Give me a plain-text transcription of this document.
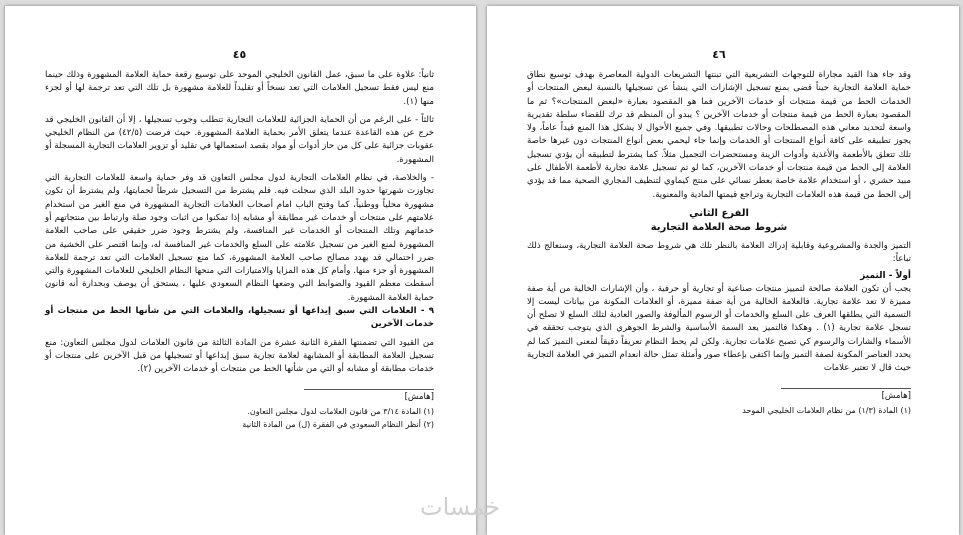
٤٥

ثانياً: علاوة على ما سبق، عمل القانون الخليجي الموحد على توسيع رقعة حماية العلامة المشهورة وذلك حينما منع ليس فقط تسجيل العلامات التي تعد نسخاً أو تقليداً للعلامة مشهورة بل تلك التي تعد ترجمة لها أو لجزء منها (١).

ثالثاً - على الرغم من أن الحماية الجزائية للعلامات التجارية تتطلب وجوب تسجيلها ، إلا أن القانون الخليجي قد خرج عن هذه القاعدة عندما يتعلق الأمر بحماية العلامة المشهورة. حيث فرضت (٤٢/٥) من النظام الخليجي عقوبات جزائية على كل من حاز أدوات أو مواد بقصد استعمالها في تقليد أو تزوير العلامات التجارية المسجلة أو المشهورة.

- والخلاصة، في نظام العلامات التجارية لدول مجلس التعاون قد وفر حماية واسعة للعلامات التجارية التي تجاوزت شهرتها حدود البلد الذي سجلت فيه. فلم يشترط من التسجيل شرطاً لحمايتها، ولم يشترط أن تكون مشهورة محلياً ووطنياً، كما وفتح الباب امام أصحاب العلامات التجارية المشهورة في منع الغير من استخدام علامتهم على منتجات أو خدمات غير مطابقة أو مشابه إذا تمكنوا من اثبات وجود صلة وارتباط بين منتجاتهم أو خدماتهم وتلك المنتجات أو الخدمات غير المنافسة، ولم يشترط وجود ضرر حقيقي على صاحب العلامة المشهورة لمنع الغير من تسجيل علامته على السلع والخدمات غير المنافسة له، وإنما اقتصر على الخشية من ضرر احتمالي قد يهدد مصالح صاحب العلامة المشهورة، كما منع تسجيل العلامات التي تعد ترجمة للعلامة المشهورة أو جزء منها. وأمام كل هذه المزايا والامتيازات التي منحها النظام الخليجي للعلامات المشهورة والتي أسقطت معظم القيود والضوابط التي وضعها النظام السعودي عليها ، يستحق أن يوصف وبجدارة أنه قانون حماية العلامة المشهورة.

٩ - العلامات التي سبق إيداعها أو تسجيلها، والعلامات التي من شأنها الحط من منتجات أو خدمات الآخرين

من القيود التي تضمنتها الفقرة الثانية عشرة من المادة الثالثة من قانون العلامات لدول مجلس التعاون: منع تسجيل العلامة المطابقة أو المشابهة لعلامة تجارية سبق إيداعها أو تسجيلها من قبل الآخرين على منتجات أو خدمات مطابقة أو مشابه أو التي من شأنها الحط من منتجات أو خدمات الآخرين (٢).

[هامش]

(١) المادة ٣/١٤ من قانون العلامات لدول مجلس التعاون.

(٢) أنظر النظام السعودي في الفقرة (ل) من المادة الثانية

٤٦

وقد جاء هذا القيد مجاراة للتوجهات التشريعية التي تبنتها التشريعات الدولية المعاصرة بهدف توسيع نطاق حماية العلامة التجارية حيناً قضى بمنع تسجيل الإشارات التي ينشأ عن تسجيلها بالنسبة لبعض المنتجات أو الخدمات الحط من قيمة منتجات أو خدمات الآخرين فما هو المقصود بعبارة «لبعض المنتجات»؟ ثم ما المقصود بعبارة الحط من قيمة منتجات أو خدمات الآخرين ؟ يبدو أن المنظم قد ترك للقضاء سلطة تقديرية واسعة لتحديد معاني هذه المصطلحات وحالات تطبيقها. وفي جميع الأحوال لا يشكل هذا المنع قيداً عاماً، ولا يجوز تطبيقه على كافة أنواع المنتجات أو الخدمات وإنما جاء ليحمي بعض أنواع المنتجات دون غيرها خاصة تلك تتعلق بالأطعمة والأغذية وأدوات الزينة ومستحضرات التجميل مثلاً. كما يشترط لتطبيقه أن يؤدي تسجيل العلامة إلى الحط من قيمة منتجات أو خدمات الآخرين، كما لو تم تسجيل علامة تجارية لأطعمة الأطفال على مبيد حشري ، أو استخدام علامة خاصة بعطر نسائي على منتج كيماوي لتنظيف المجاري الصحية مما قد يؤدي إلى الحط من قيمة هذه العلامات التجارية وتراجع قيمتها المادية والمعنوية.

الفرع الثاني

شروط صحة العلامة التجارية

التميز والجدة والمشروعية وقابلية إدراك العلامة بالنظر تلك هي شروط صحة العلامة التجارية، وسنعالج ذلك تباعاً:

أولاً - التميز

يجب أن تكون العلامة صالحة لتمييز منتجات صناعية أو تجارية أو حرفية ، وأن الإشارات الخالية من أية صفة مميزة لا تعد علامة تجارية. فالعلامة الخالية من أية صفة مميزة، أو العلامات المكونة من بيانات ليست إلا التسمية التي يطلقها العرف على السلع والخدمات أو الرسوم المألوفة والصور العادية لتلك السلع لا تصلح أن تسجل علامة تجارية (١) . وهكذا فالتميز يعد السمة الأساسية والشرط الجوهري الذي يتوجب تحققه في الأسماء والشارات والرسوم كي تصبح علامات تجارية. ولكن لم يحط النظام تعريفاً دقيقاً لمعنى التميز كما لم يحدد العناصر المكونة لصفة التميز وإنما اكتفى بإعطاء صور وأمثلة تمثل حالة انعدام التميز في العلامة التجارية حيث قال لا تعتبر علامات

[هامش]

(١) المادة (١/٣) من نظام العلامات الخليجي الموحد

خمسات
